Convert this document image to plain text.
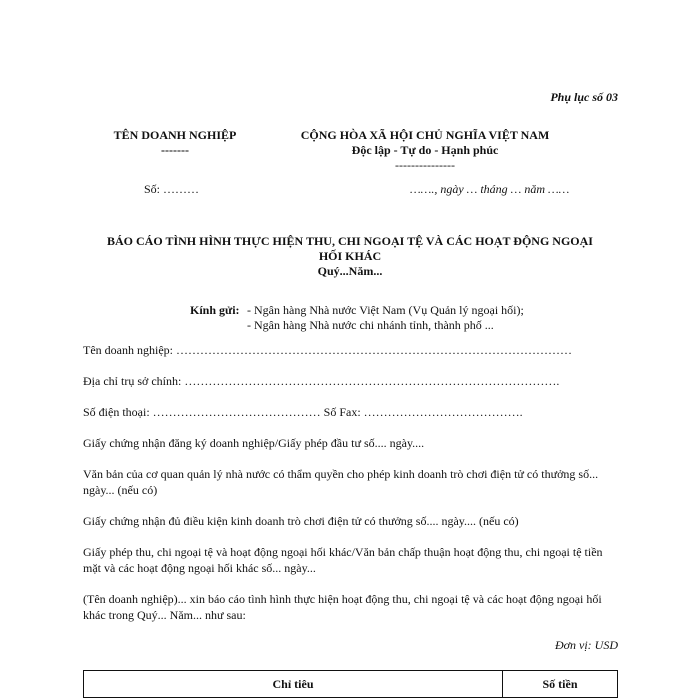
Phụ lục số 03
TÊN DOANH NGHIỆP
-------
Số: ………
CỘNG HÒA XÃ HỘI CHỦ NGHĨA VIỆT NAM
Độc lập - Tự do - Hạnh phúc
---------------
……., ngày … tháng … năm ……
BÁO CÁO TÌNH HÌNH THỰC HIỆN THU, CHI NGOẠI TỆ VÀ CÁC HOẠT ĐỘNG NGOẠI
HỐI KHÁC
Quý...Năm...
Kính gửi: - Ngân hàng Nhà nước Việt Nam (Vụ Quản lý ngoại hối);
- Ngân hàng Nhà nước chi nhánh tỉnh, thành phố ...
Tên doanh nghiệp: ………………………………………………………………………………………
Địa chỉ trụ sở chính: ………………………………………………………………………………….
Số điện thoại: …………………………………… Số Fax: ………………………………….
Giấy chứng nhận đăng ký doanh nghiệp/Giấy phép đầu tư số.... ngày....
Văn bản của cơ quan quản lý nhà nước có thẩm quyền cho phép kinh doanh trò chơi điện tử có thưởng số... ngày... (nếu có)
Giấy chứng nhận đủ điều kiện kinh doanh trò chơi điện tử có thưởng số.... ngày.... (nếu có)
Giấy phép thu, chi ngoại tệ và hoạt động ngoại hối khác/Văn bản chấp thuận hoạt động thu, chi ngoại tệ tiền mặt và các hoạt động ngoại hối khác số... ngày...
(Tên doanh nghiệp)... xin báo cáo tình hình thực hiện hoạt động thu, chi ngoại tệ và các hoạt động ngoại hối khác trong Quý... Năm... như sau:
Đơn vị: USD
Chỉ tiêu	Số tiền
